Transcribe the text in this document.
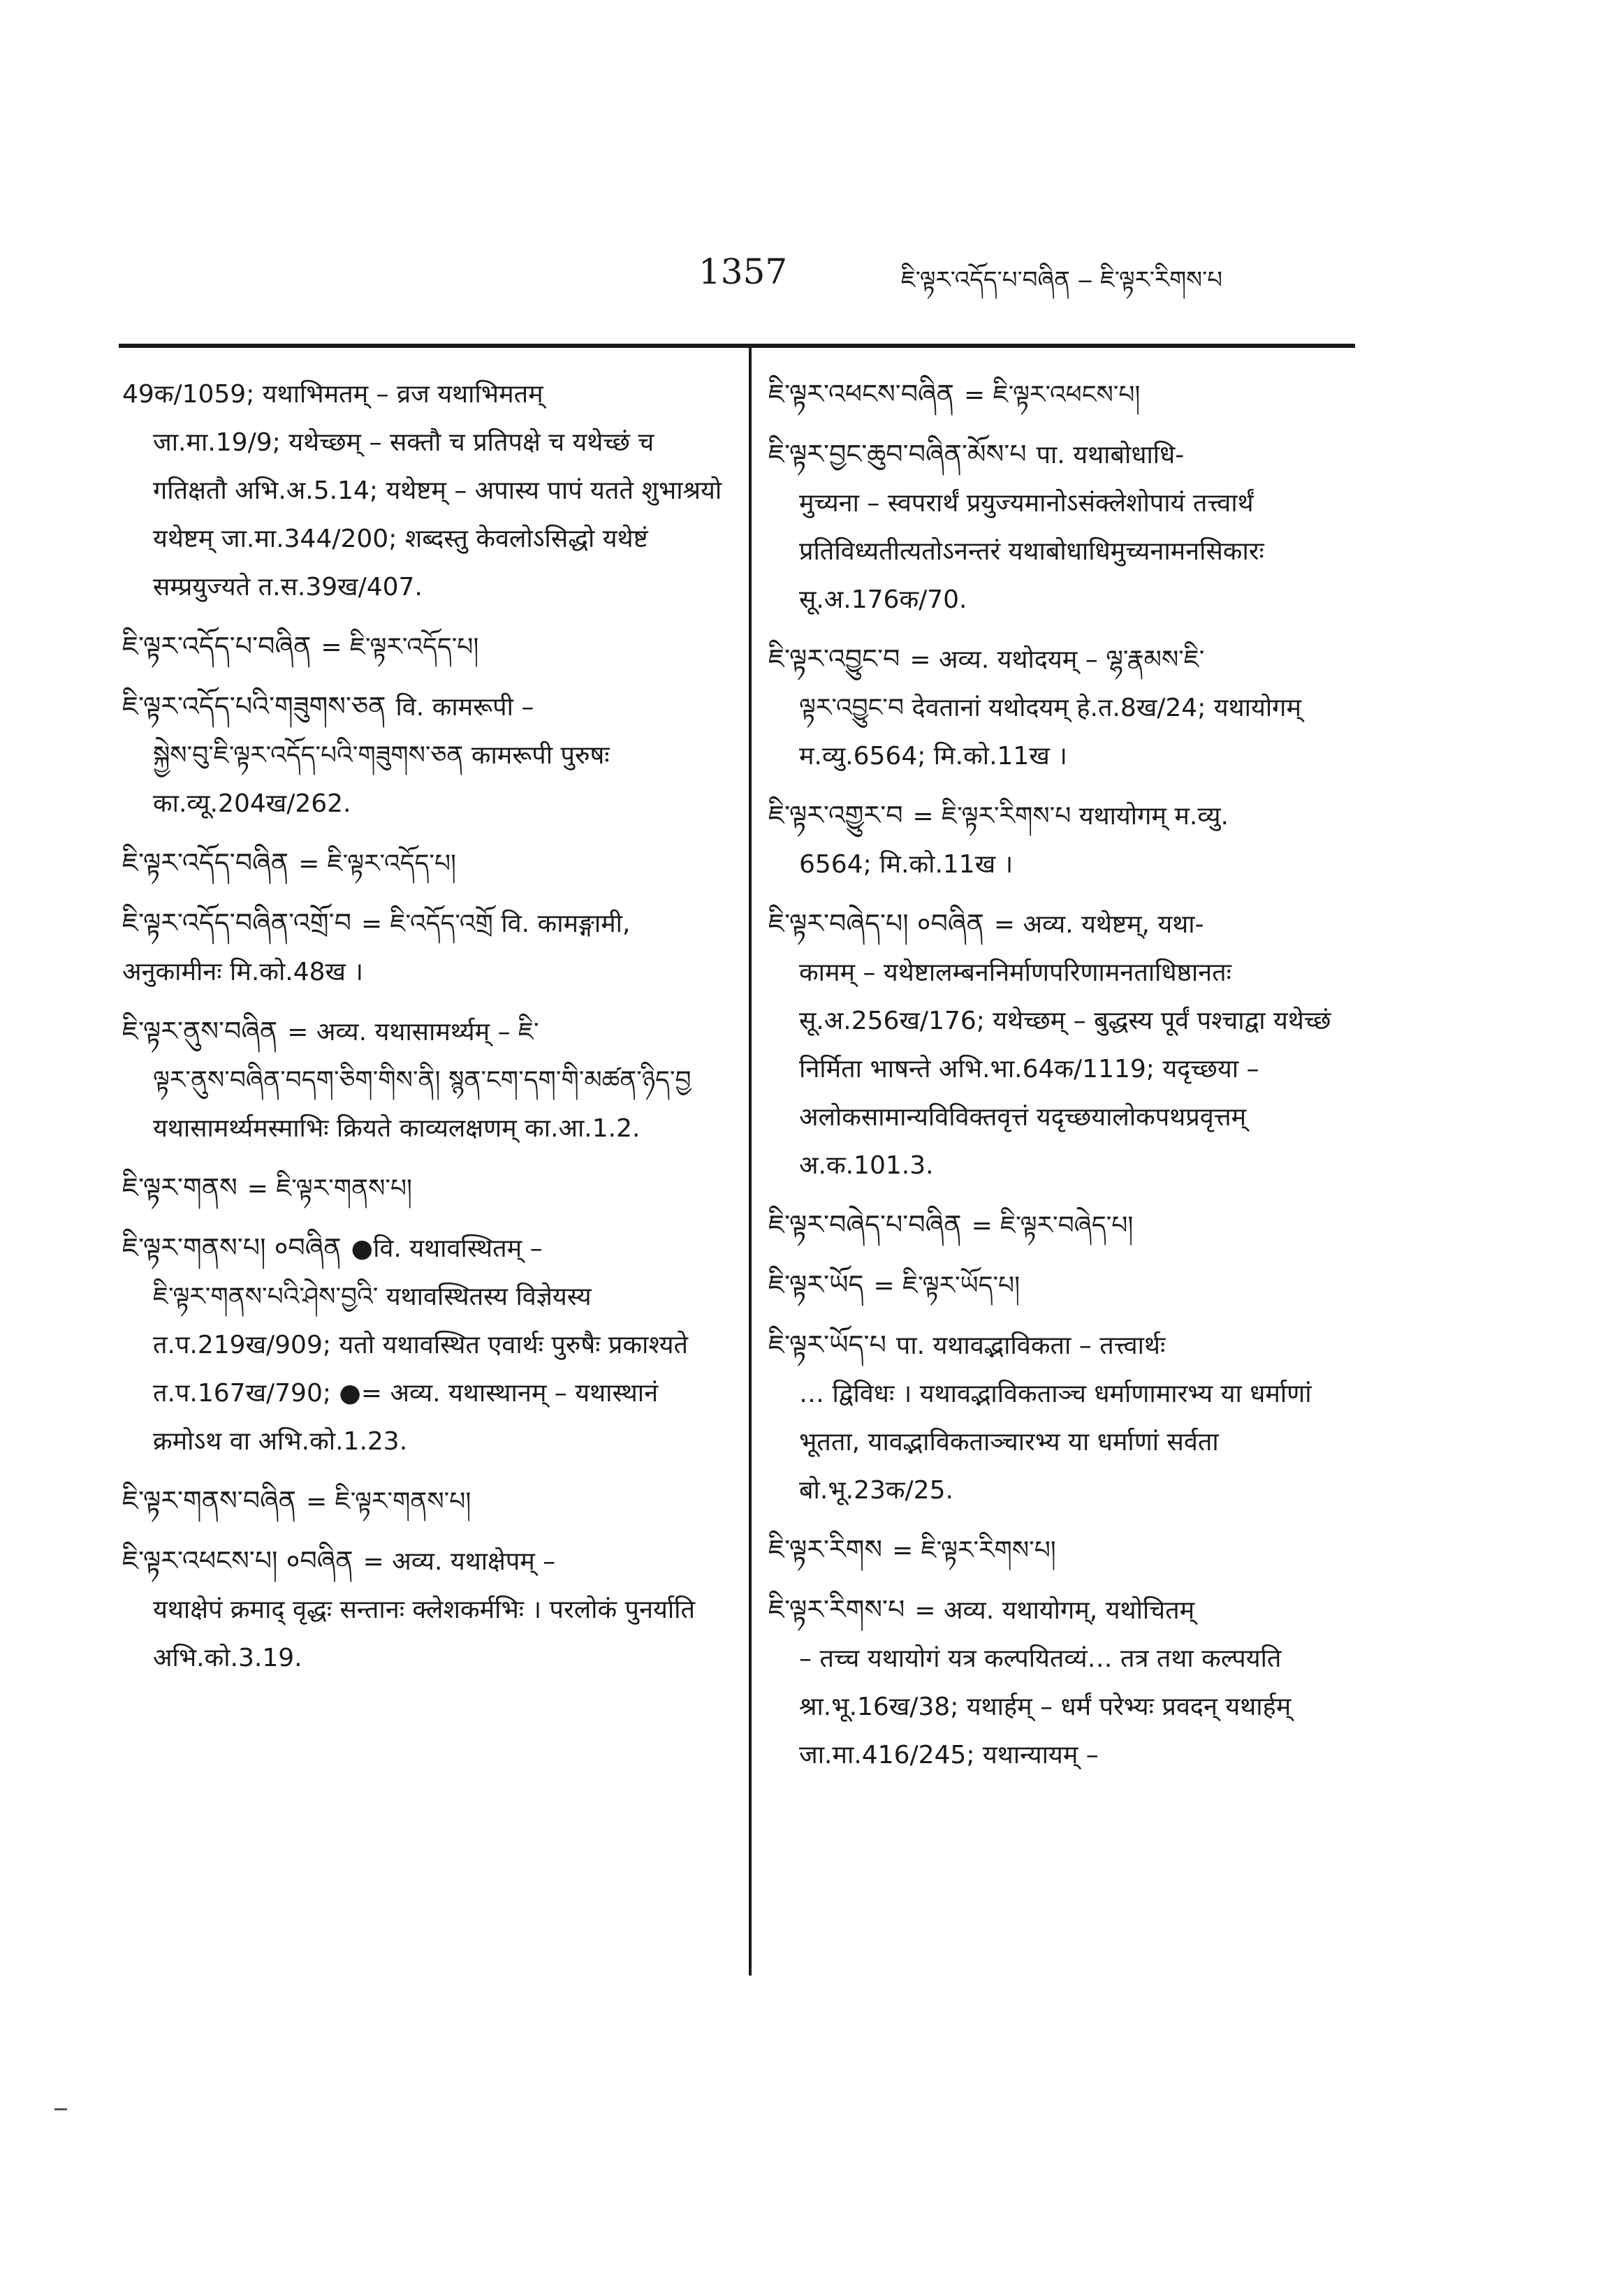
1357	ཇི་ལྟར་འདོད་པ་བཞིན ‒ ཇི་ལྟར་རིགས་པ

49क/1059; यथाभिमतम् – व्रज यथाभिमतम्
जा.मा.19/9; यथेच्छम् – सक्तौ च प्रतिपक्षे च यथेच्छं च गतिक्षतौ अभि.अ.5.14; यथेष्टम् – अपास्य पापं यतते शुभाश्रयो यथेष्टम् जा.मा.344/200; शब्दस्तु केवलोऽसिद्धो यथेष्टं सम्प्रयुज्यते त.स.39ख/407.

ཇི་ལྟར་འདོད་པ་བཞིན = ཇི་ལྟར་འདོད་པ།

ཇི་ལྟར་འདོད་པའི་གཟུགས་ཅན वि. कामरूपी –
སྐྱེས་བུ་ཇི་ལྟར་འདོད་པའི་གཟུགས་ཅན कामरूपी पुरुषः का.व्यू.204ख/262.

ཇི་ལྟར་འདོད་བཞིན = ཇི་ལྟར་འདོད་པ།

ཇི་ལྟར་འདོད་བཞིན་འགྲོ་བ = ཇི་འདོད་འགྲོ वि. कामङ्गामी, अनुकामीनः मि.को.48ख ।

ཇི་ལྟར་ནུས་བཞིན = अव्य. यथासामर्थ्यम् – ཇི་
ལྟར་ནུས་བཞིན་བདག་ཅིག་གིས་ནི། སྙན་ངག་དག་གི་མཚན་ཉིད་བྱ यथासामर्थ्यमस्माभिः क्रियते काव्यलक्षणम् का.आ.1.2.

ཇི་ལྟར་གནས = ཇི་ལྟར་གནས་པ།

ཇི་ལྟར་གནས་པ། ०བཞིན ●वि. यथावस्थितम् –
ཇི་ལྟར་གནས་པའི་ཤེས་བྱའི་ यथावस्थितस्य विज्ञेयस्य त.प.219ख/909; यतो यथावस्थित एवार्थः पुरुषैः प्रकाश्यते त.प.167ख/790; ●= अव्य. यथास्थानम् – यथास्थानं क्रमोऽथ वा अभि.को.1.23.

ཇི་ལྟར་གནས་བཞིན = ཇི་ལྟར་གནས་པ།

ཇི་ལྟར་འཕངས་པ། ०བཞིན = अव्य. यथाक्षेपम् –
यथाक्षेपं क्रमाद् वृद्धः सन्तानः क्लेशकर्मभिः । परलोकं पुनर्याति अभि.को.3.19.

ཇི་ལྟར་འཕངས་བཞིན = ཇི་ལྟར་འཕངས་པ།

ཇི་ལྟར་བྱང་ཆུབ་བཞིན་མོས་པ पा. यथाबोधाधि-
मुच्यना – स्वपरार्थं प्रयुज्यमानोऽसंक्लेशोपायं तत्त्वार्थं प्रतिविध्यतीत्यतोऽनन्तरं यथाबोधाधिमुच्यनामनसिकारः सू.अ.176क/70.

ཇི་ལྟར་འབྱུང་བ = अव्य. यथोदयम् – ལྷ་རྣམས་ཇི་
ལྟར་འབྱུང་བ देवतानां यथोदयम् हे.त.8ख/24; यथायोगम् म.व्यु.6564; मि.को.11ख ।

ཇི་ལྟར་འགྱུར་བ = ཇི་ལྟར་རིགས་པ यथायोगम् म.व्यु.
6564; मि.को.11ख ।

ཇི་ལྟར་བཞེད་པ། ०བཞིན = अव्य. यथेष्टम्, यथा-
कामम् – यथेष्टालम्बननिर्माणपरिणामनताधिष्ठानतः सू.अ.256ख/176; यथेच्छम् – बुद्धस्य पूर्वं पश्चाद्वा यथेच्छं निर्मिता भाषन्ते अभि.भा.64क/1119; यदृच्छया – अलोकसामान्यविविक्तवृत्तं यदृच्छयालोकपथप्रवृत्तम् अ.क.101.3.

ཇི་ལྟར་བཞེད་པ་བཞིན = ཇི་ལྟར་བཞེད་པ།

ཇི་ལྟར་ཡོད = ཇི་ལྟར་ཡོད་པ།

ཇི་ལྟར་ཡོད་པ पा. यथावद्भाविकता – तत्त्वार्थः
… द्विविधः । यथावद्भाविकताञ्च धर्माणामारभ्य या धर्माणां भूतता, यावद्भाविकताञ्चारभ्य या धर्माणां सर्वता बो.भू.23क/25.

ཇི་ལྟར་རིགས = ཇི་ལྟར་རིགས་པ།

ཇི་ལྟར་རིགས་པ = अव्य. यथायोगम्, यथोचितम्
– तच्च यथायोगं यत्र कल्पयितव्यं… तत्र तथा कल्पयति श्रा.भू.16ख/38; यथार्हम् – धर्मं परेभ्यः प्रवदन् यथार्हम् जा.मा.416/245; यथान्यायम् –
